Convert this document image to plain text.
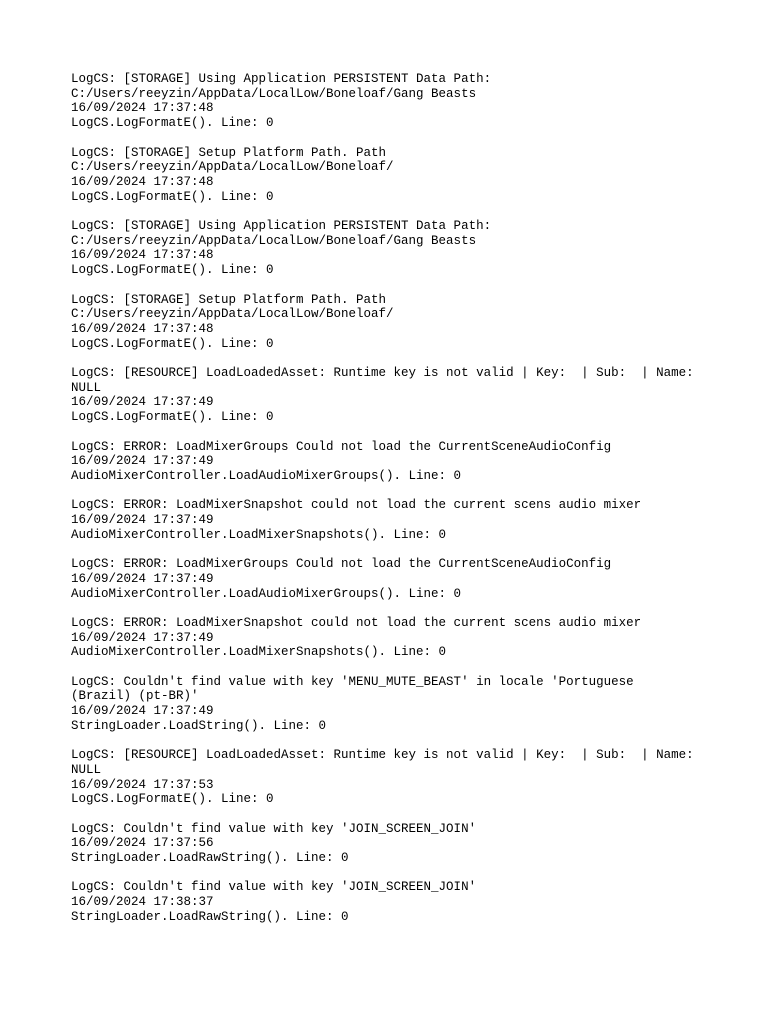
LogCS: [STORAGE] Using Application PERSISTENT Data Path:
C:/Users/reeyzin/AppData/LocalLow/Boneloaf/Gang Beasts
16/09/2024 17:37:48
LogCS.LogFormatE(). Line: 0
LogCS: [STORAGE] Setup Platform Path. Path
C:/Users/reeyzin/AppData/LocalLow/Boneloaf/
16/09/2024 17:37:48
LogCS.LogFormatE(). Line: 0
LogCS: [STORAGE] Using Application PERSISTENT Data Path:
C:/Users/reeyzin/AppData/LocalLow/Boneloaf/Gang Beasts
16/09/2024 17:37:48
LogCS.LogFormatE(). Line: 0
LogCS: [STORAGE] Setup Platform Path. Path
C:/Users/reeyzin/AppData/LocalLow/Boneloaf/
16/09/2024 17:37:48
LogCS.LogFormatE(). Line: 0
LogCS: [RESOURCE] LoadLoadedAsset: Runtime key is not valid | Key:  | Sub:  | Name:
NULL
16/09/2024 17:37:49
LogCS.LogFormatE(). Line: 0
LogCS: ERROR: LoadMixerGroups Could not load the CurrentSceneAudioConfig
16/09/2024 17:37:49
AudioMixerController.LoadAudioMixerGroups(). Line: 0
LogCS: ERROR: LoadMixerSnapshot could not load the current scens audio mixer
16/09/2024 17:37:49
AudioMixerController.LoadMixerSnapshots(). Line: 0
LogCS: ERROR: LoadMixerGroups Could not load the CurrentSceneAudioConfig
16/09/2024 17:37:49
AudioMixerController.LoadAudioMixerGroups(). Line: 0
LogCS: ERROR: LoadMixerSnapshot could not load the current scens audio mixer
16/09/2024 17:37:49
AudioMixerController.LoadMixerSnapshots(). Line: 0
LogCS: Couldn't find value with key 'MENU_MUTE_BEAST' in locale 'Portuguese
(Brazil) (pt-BR)'
16/09/2024 17:37:49
StringLoader.LoadString(). Line: 0
LogCS: [RESOURCE] LoadLoadedAsset: Runtime key is not valid | Key:  | Sub:  | Name:
NULL
16/09/2024 17:37:53
LogCS.LogFormatE(). Line: 0
LogCS: Couldn't find value with key 'JOIN_SCREEN_JOIN'
16/09/2024 17:37:56
StringLoader.LoadRawString(). Line: 0
LogCS: Couldn't find value with key 'JOIN_SCREEN_JOIN'
16/09/2024 17:38:37
StringLoader.LoadRawString(). Line: 0
